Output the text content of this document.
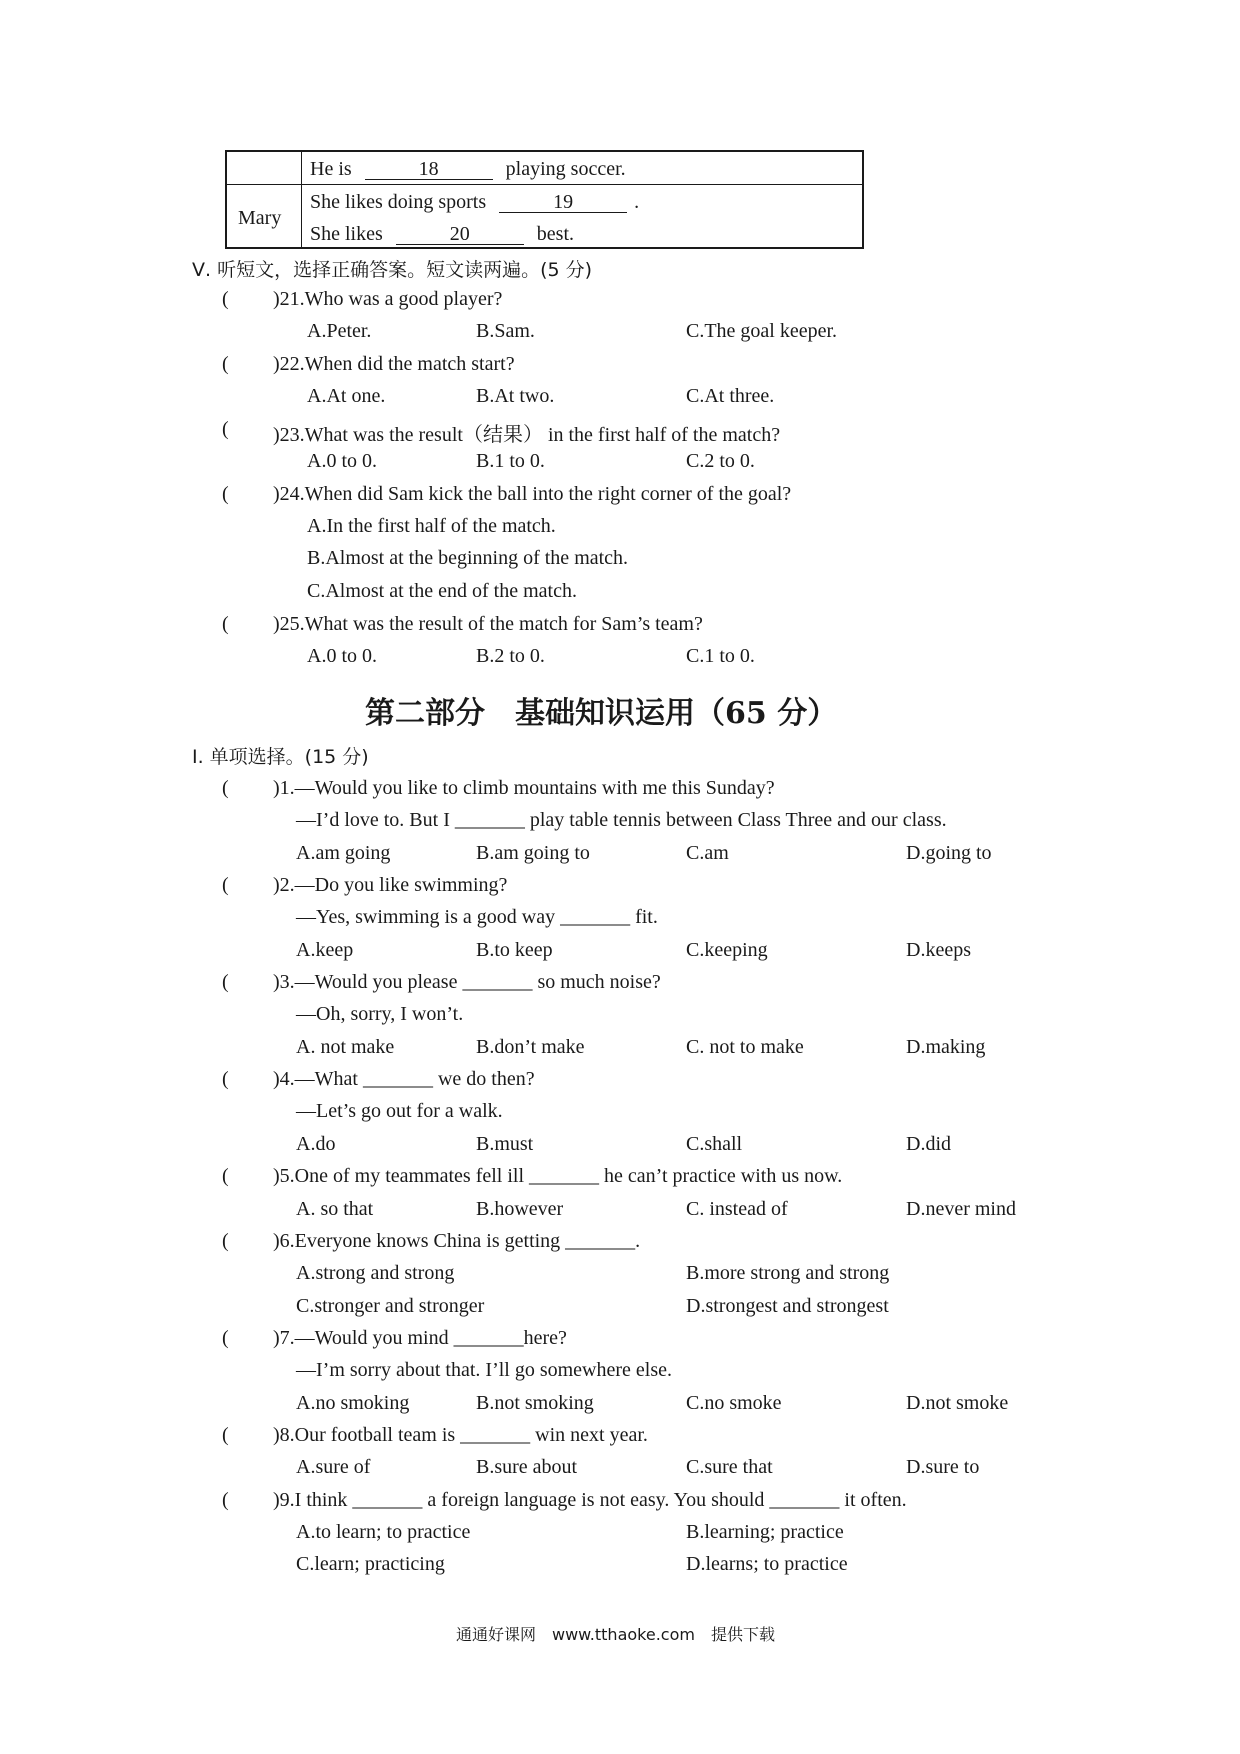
He is	18	playing soccer.
Mary
She likes doing sports	19	.
She likes	20	best.
Ⅴ. 听短文，选择正确答案。短文读两遍。(5 分)
( )21.Who was a good player?
A.Peter.	B.Sam.	C.The goal keeper.
( )22.When did the match start?
A.At one.	B.At two.	C.At three.
( )23.What was the result（结果） in the first half of the match?
A.0 to 0.	B.1 to 0.	C.2 to 0.
( )24.When did Sam kick the ball into the right corner of the goal?
A.In the first half of the match.
B.Almost at the beginning of the match.
C.Almost at the end of the match.
( )25.What was the result of the match for Sam’s team?
A.0 to 0.	B.2 to 0.	C.1 to 0.
第二部分　基础知识运用（65 分）
Ⅰ. 单项选择。(15 分)
( )1.—Would you like to climb mountains with me this Sunday?
—I’d love to. But I _______ play table tennis between Class Three and our class.
A.am going	B.am going to	C.am	D.going to
( )2.—Do you like swimming?
—Yes, swimming is a good way _______ fit.
A.keep	B.to keep	C.keeping	D.keeps
( )3.—Would you please _______ so much noise?
—Oh, sorry, I won’t.
A. not make	B.don’t make	C. not to make	D.making
( )4.—What _______ we do then?
—Let’s go out for a walk.
A.do	B.must	C.shall	D.did
( )5.One of my teammates fell ill _______ he can’t practice with us now.
A. so that	B.however	C. instead of	D.never mind
( )6.Everyone knows China is getting _______.
A.strong and strong	B.more strong and strong
C.stronger and stronger	D.strongest and strongest
( )7.—Would you mind _______here?
—I’m sorry about that. I’ll go somewhere else.
A.no smoking	B.not smoking	C.no smoke	D.not smoke
( )8.Our football team is _______ win next year.
A.sure of	B.sure about	C.sure that	D.sure to
( )9.I think _______ a foreign language is not easy. You should _______ it often.
A.to learn; to practice	B.learning; practice
C.learn; practicing	D.learns; to practice
通通好课网　www.tthaoke.com　提供下载
